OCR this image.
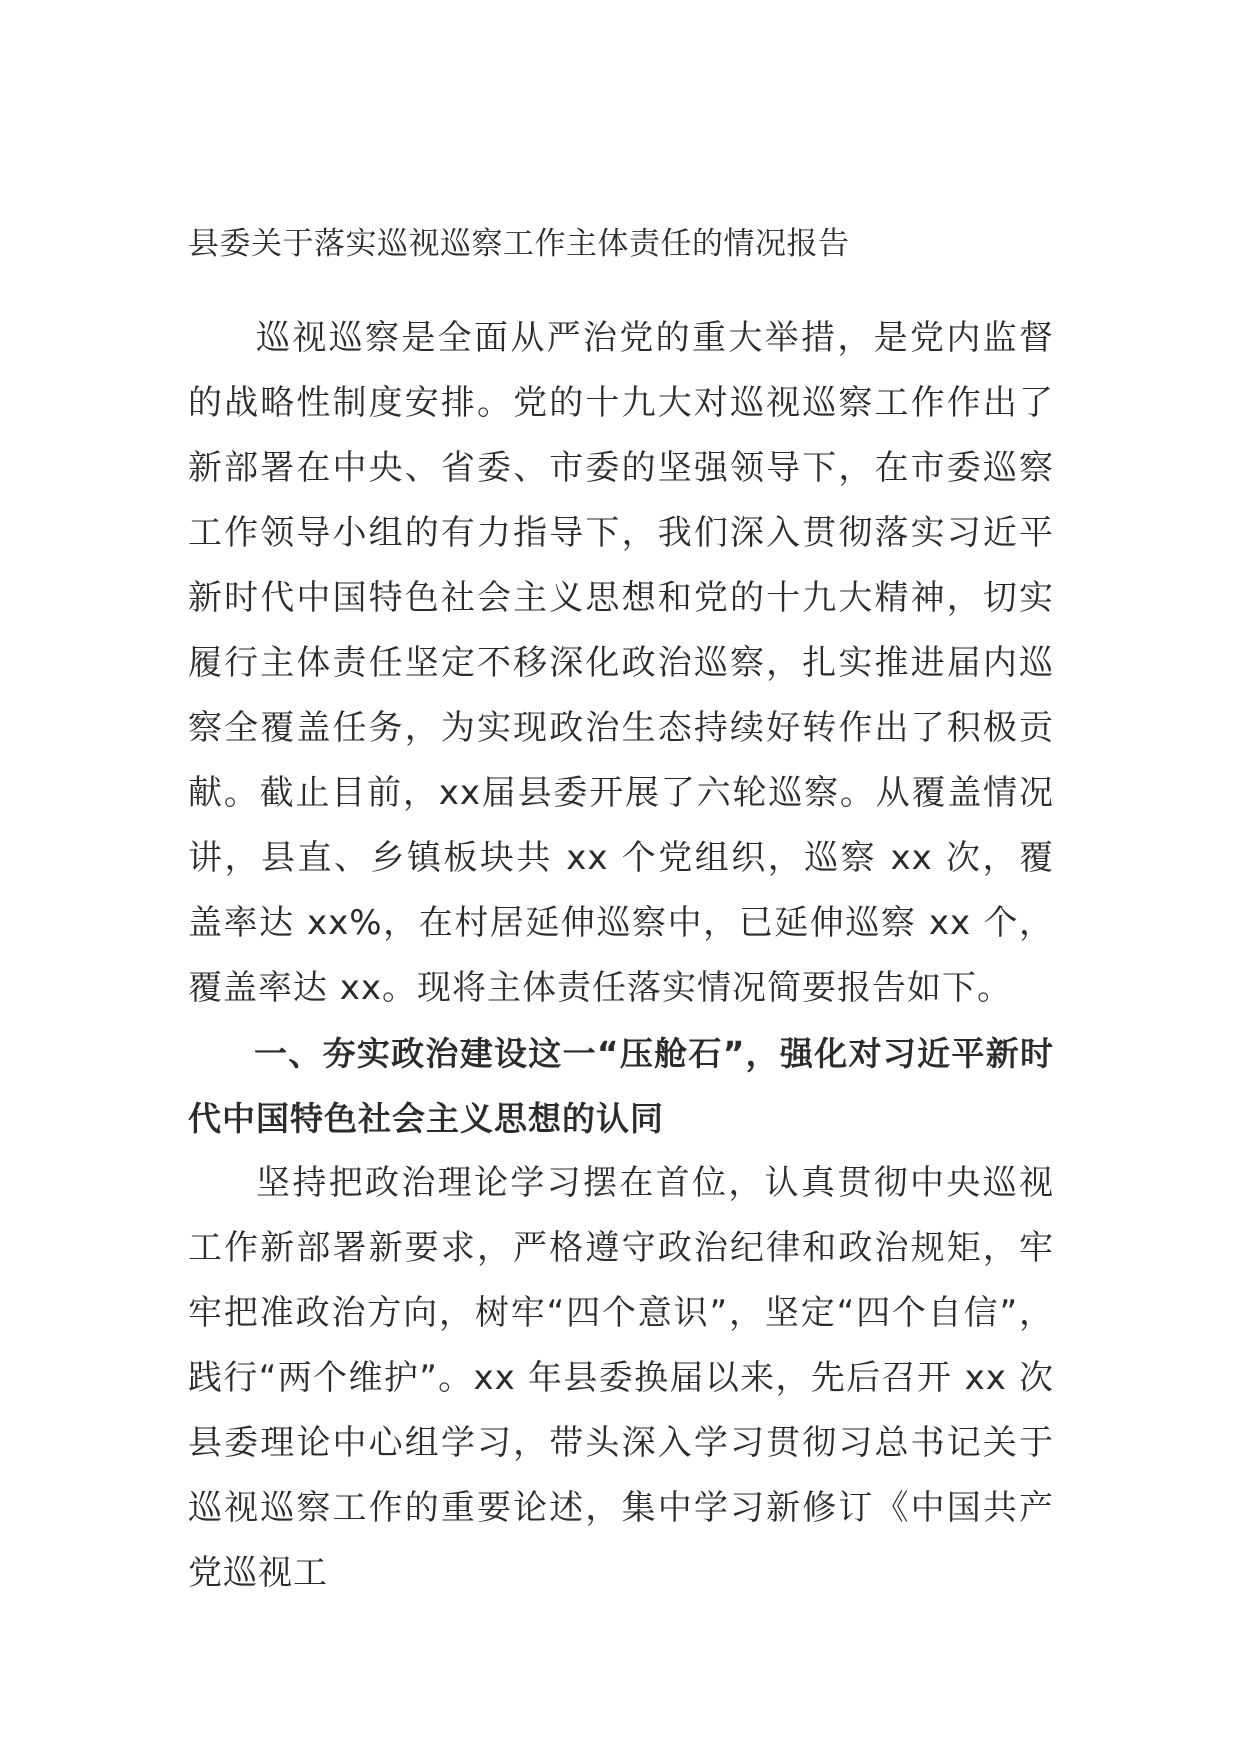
县委关于落实巡视巡察工作主体责任的情况报告

巡视巡察是全面从严治党的重大举措，是党内监督的战略性制度安排。党的十九大对巡视巡察工作作出了新部署在中央、省委、市委的坚强领导下，在市委巡察工作领导小组的有力指导下，我们深入贯彻落实习近平新时代中国特色社会主义思想和党的十九大精神，切实履行主体责任坚定不移深化政治巡察，扎实推进届内巡察全覆盖任务，为实现政治生态持续好转作出了积极贡献。截止目前，xx届县委开展了六轮巡察。从覆盖情况讲，县直、乡镇板块共 xx 个党组织，巡察 xx 次，覆盖率达 xx%，在村居延伸巡察中，已延伸巡察 xx 个，覆盖率达 xx。现将主体责任落实情况简要报告如下。

一、夯实政治建设这一“压舱石”，强化对习近平新时代中国特色社会主义思想的认同

坚持把政治理论学习摆在首位，认真贯彻中央巡视工作新部署新要求，严格遵守政治纪律和政治规矩，牢牢把准政治方向，树牢“四个意识”，坚定“四个自信”，践行“两个维护”。xx 年县委换届以来，先后召开 xx 次县委理论中心组学习，带头深入学习贯彻习总书记关于巡视巡察工作的重要论述，集中学习新修订《中国共产党巡视工
